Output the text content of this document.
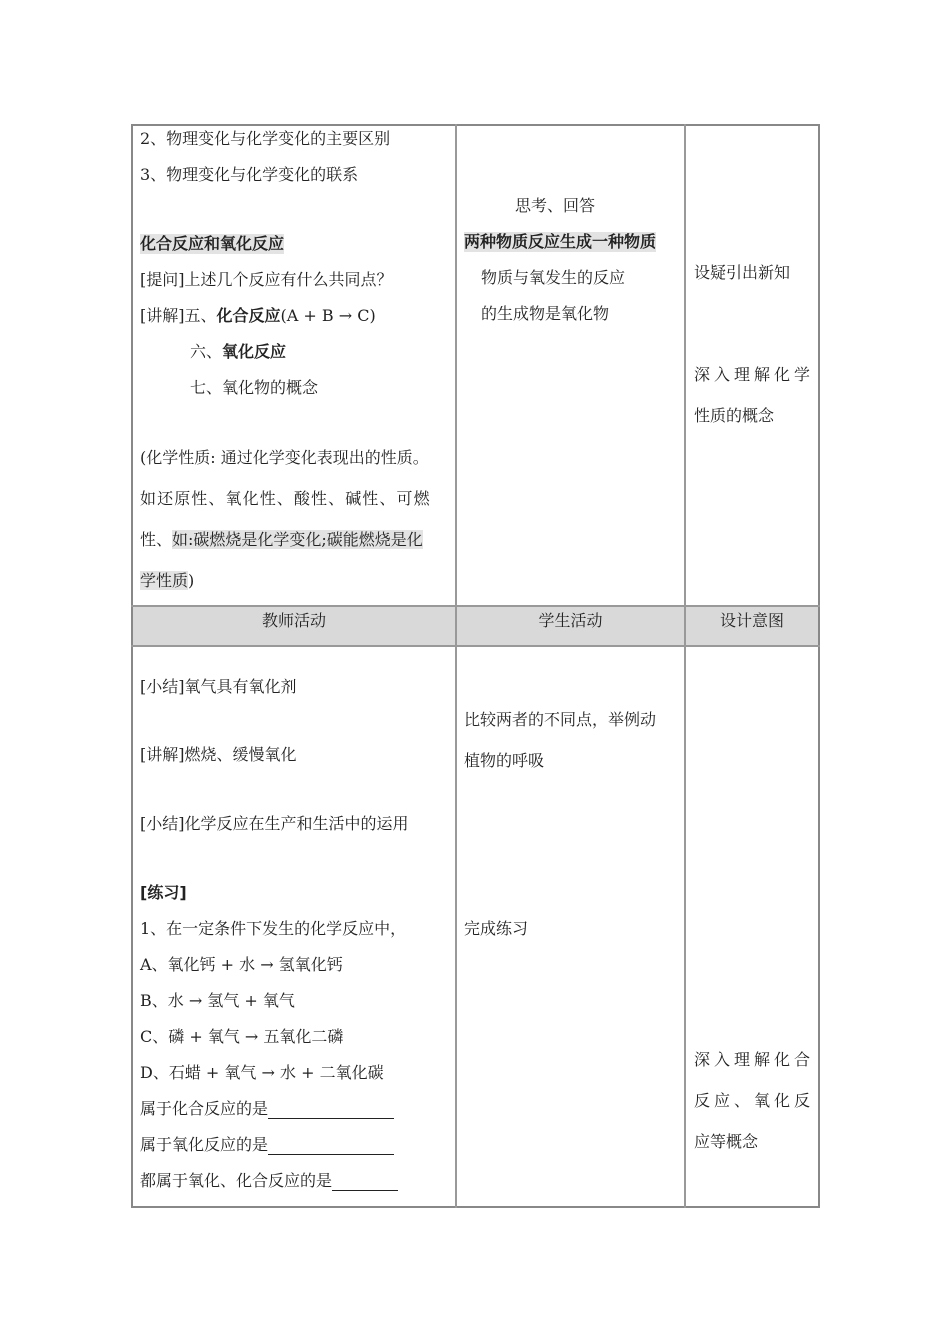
2、物理变化与化学变化的主要区别
3、物理变化与化学变化的联系
化合反应和氧化反应
[提问]上述几个反应有什么共同点？
[讲解]五、化合反应(A + B → C)
六、氧化反应
七、氧化物的概念
(化学性质: 通过化学变化表现出的性质。
如还原性、氧化性、酸性、碱性、可燃
性、如:碳燃烧是化学变化;碳能燃烧是化
学性质)
思考、回答
两种物质反应生成一种物质
物质与氧发生的反应
的生成物是氧化物
设疑引出新知
深入理解化学
性质的概念
教师活动	学生活动	设计意图
[小结]氧气具有氧化剂
[讲解]燃烧、缓慢氧化
[小结]化学反应在生产和生活中的运用
[练习]
1、在一定条件下发生的化学反应中，
A、氧化钙 + 水 → 氢氧化钙
B、水 → 氢气 + 氧气
C、磷 + 氧气 → 五氧化二磷
D、石蜡 + 氧气 → 水 + 二氧化碳
属于化合反应的是
属于氧化反应的是
都属于氧化、化合反应的是
比较两者的不同点，举例动
植物的呼吸
完成练习
深入理解化合
反应、氧化反
应等概念
